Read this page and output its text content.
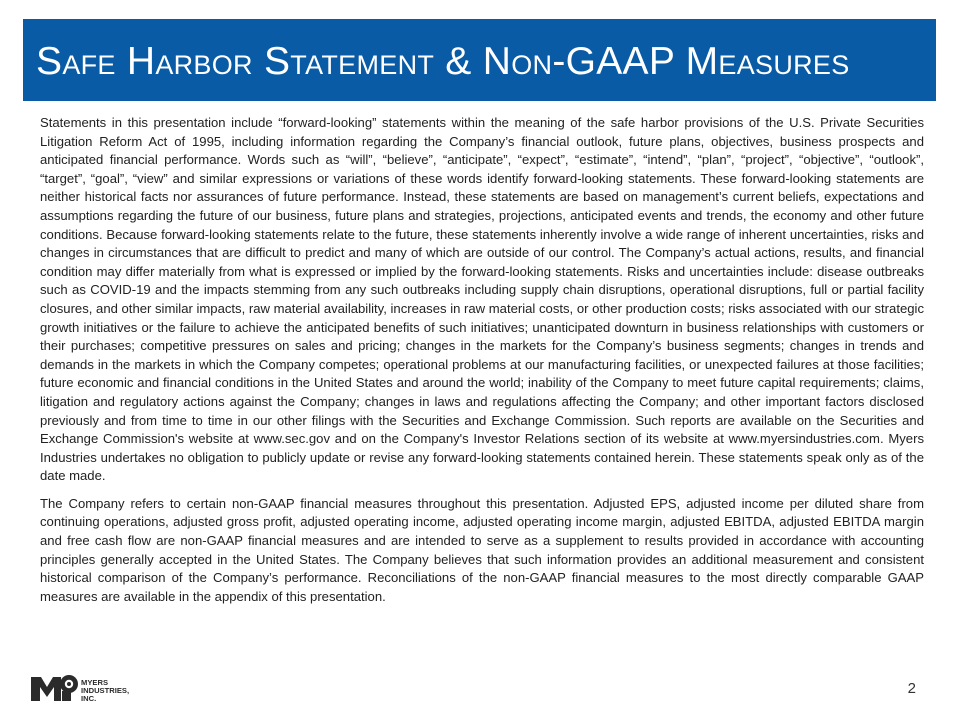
Safe Harbor Statement & Non-GAAP Measures

Statements in this presentation include “forward-looking” statements within the meaning of the safe harbor provisions of the U.S. Private Securities Litigation Reform Act of 1995, including information regarding the Company’s financial outlook, future plans, objectives, business prospects and anticipated financial performance. Words such as “will”, “believe”, “anticipate”, “expect”, “estimate”, “intend”, “plan”, “project”, “objective”, “outlook”, “target”, “goal”, “view” and similar expressions or variations of these words identify forward-looking statements. These forward-looking statements are neither historical facts nor assurances of future performance. Instead, these statements are based on management’s current beliefs, expectations and assumptions regarding the future of our business, future plans and strategies, projections, anticipated events and trends, the economy and other future conditions. Because forward-looking statements relate to the future, these statements inherently involve a wide range of inherent uncertainties, risks and changes in circumstances that are difficult to predict and many of which are outside of our control. The Company’s actual actions, results, and financial condition may differ materially from what is expressed or implied by the forward-looking statements. Risks and uncertainties include: disease outbreaks such as COVID-19 and the impacts stemming from any such outbreaks including supply chain disruptions, operational disruptions, full or partial facility closures, and other similar impacts, raw material availability, increases in raw material costs, or other production costs; risks associated with our strategic growth initiatives or the failure to achieve the anticipated benefits of such initiatives; unanticipated downturn in business relationships with customers or their purchases; competitive pressures on sales and pricing; changes in the markets for the Company’s business segments; changes in trends and demands in the markets in which the Company competes; operational problems at our manufacturing facilities, or unexpected failures at those facilities; future economic and financial conditions in the United States and around the world; inability of the Company to meet future capital requirements; claims, litigation and regulatory actions against the Company; changes in laws and regulations affecting the Company; and other important factors disclosed previously and from time to time in our other filings with the Securities and Exchange Commission. Such reports are available on the Securities and Exchange Commission's website at www.sec.gov and on the Company's Investor Relations section of its website at www.myersindustries.com. Myers Industries undertakes no obligation to publicly update or revise any forward-looking statements contained herein. These statements speak only as of the date made.

The Company refers to certain non-GAAP financial measures throughout this presentation. Adjusted EPS, adjusted income per diluted share from continuing operations, adjusted gross profit, adjusted operating income, adjusted operating income margin, adjusted EBITDA, adjusted EBITDA margin and free cash flow are non-GAAP financial measures and are intended to serve as a supplement to results provided in accordance with accounting principles generally accepted in the United States. The Company believes that such information provides an additional measurement and consistent historical comparison of the Company’s performance. Reconciliations of the non-GAAP financial measures to the most directly comparable GAAP measures are available in the appendix of this presentation.

MYERS
INDUSTRIES,
INC.
2
